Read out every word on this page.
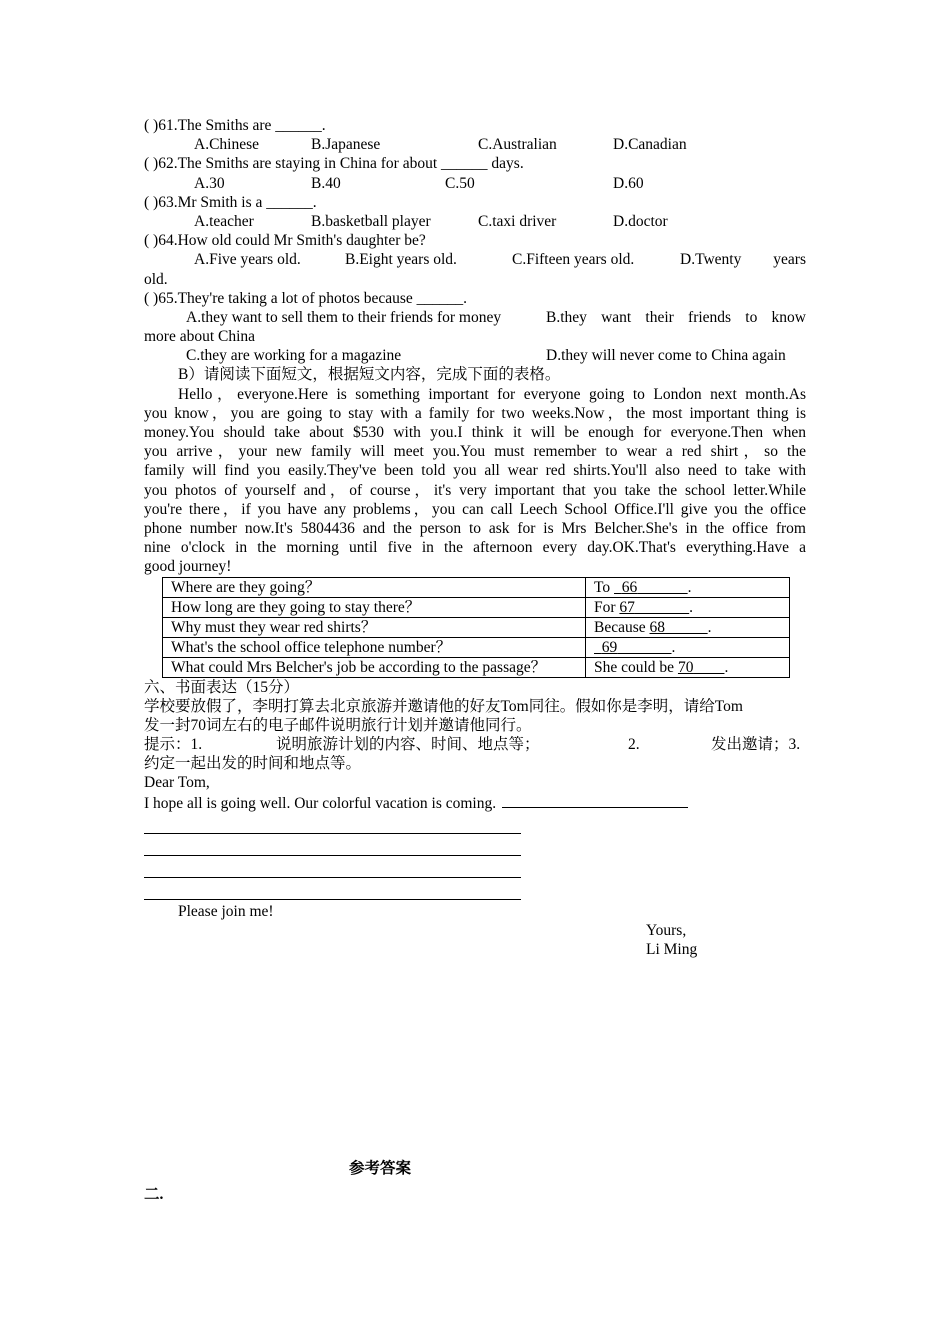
( )61.The Smiths are ______.
A.Chinese	B.Japanese	C.Australian	D.Canadian
( )62.The Smiths are staying in China for about ______ days.
A.30	B.40	C.50	D.60
( )63.Mr Smith is a ______.
A.teacher	B.basketball player	C.taxi driver	D.doctor
( )64.How old could Mr Smith's daughter be?
A.Five years old.	B.Eight years old.	C.Fifteen years old.	D.Twenty years
old.
( )65.They're taking a lot of photos because ______.
A.they want to sell them to their friends for money	B.they want their friends to know
more about China
C.they are working for a magazine	D.they will never come to China again
B）请阅读下面短文，根据短文内容，完成下面的表格。
Hello，everyone.Here is something important for everyone going to London next month.As
you know，you are going to stay with a family for two weeks.Now，the most important thing is
money.You should take about $530 with you.I think it will be enough for everyone.Then when
you arrive，your new family will meet you.You must remember to wear a red shirt，so the
family will find you easily.They've been told you all wear red shirts.You'll also need to take with
you photos of yourself and，of course，it's very important that you take the school letter.While
you're there，if you have any problems，you can call Leech School Office.I'll give you the office
phone number now.It's 5804436 and the person to ask for is Mrs Belcher.She's in the office from
nine o'clock in the morning until five in the afternoon every day.OK.That's everything.Have a
good journey!
Where are they going？	To   66 .
How long are they going to stay there？	For 67 .
Why must they wear red shirts？	Because 68 .
What's the school office telephone number？	69 .
What could Mrs Belcher's job be according to the passage？	She could be 70 .
六、书面表达（15分）
学校要放假了，李明打算去北京旅游并邀请他的好友Tom同往。假如你是李明，请给Tom
发一封70词左右的电子邮件说明旅行计划并邀请他同行。
提示：1.	说明旅游计划的内容、时间、地点等；	2.	发出邀请；3.
约定一起出发的时间和地点等。
Dear Tom,
I hope all is going well. Our colorful vacation is coming.
Please join me!
Yours,
Li Ming
参考答案
二.
